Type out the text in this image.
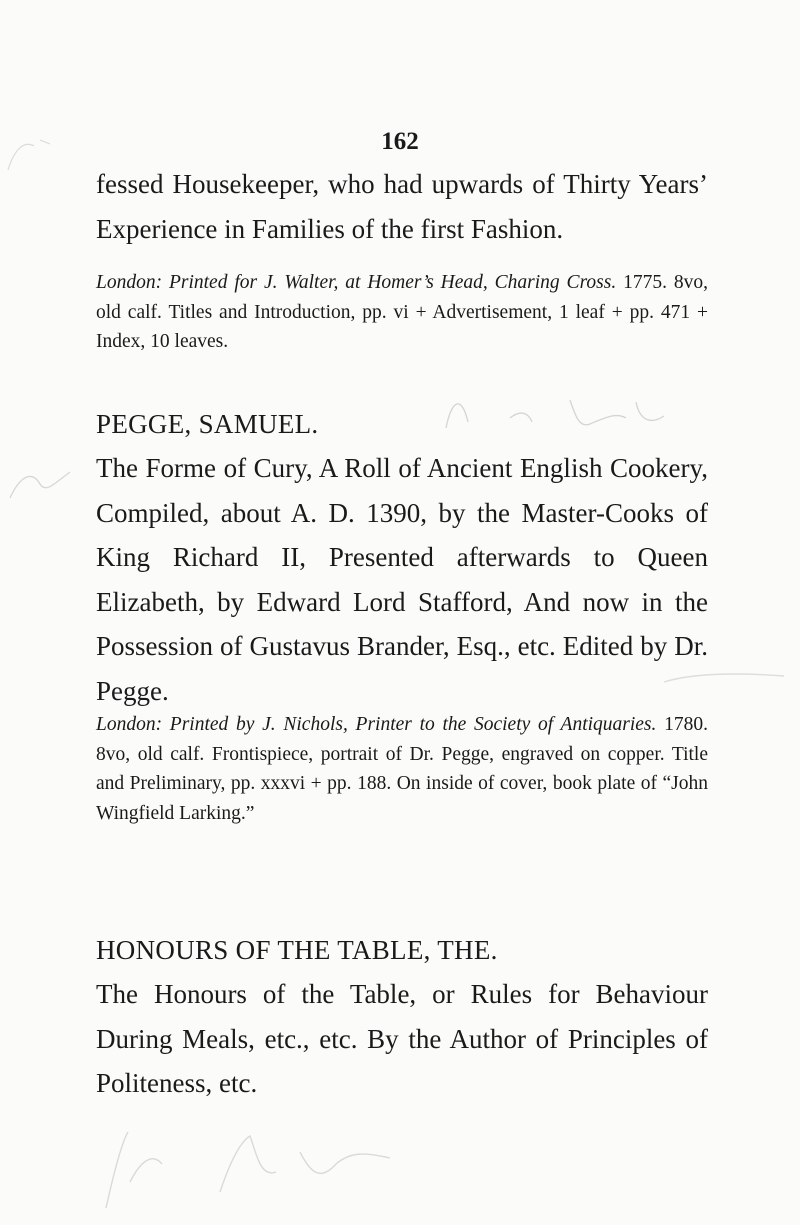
162

fessed Housekeeper, who had upwards of Thirty Years’ Experience in Families of the first Fashion.

London: Printed for J. Walter, at Homer’s Head, Charing Cross. 1775. 8vo, old calf. Titles and Introduction, pp. vi + Advertisement, 1 leaf + pp. 471 + Index, 10 leaves.

PEGGE, SAMUEL.

The Forme of Cury, A Roll of Ancient English Cookery, Compiled, about A. D. 1390, by the Master-Cooks of King Richard II, Presented afterwards to Queen Elizabeth, by Edward Lord Stafford, And now in the Possession of Gustavus Brander, Esq., etc. Edited by Dr. Pegge.

London: Printed by J. Nichols, Printer to the Society of Antiquaries. 1780. 8vo, old calf. Frontispiece, portrait of Dr. Pegge, engraved on copper. Title and Preliminary, pp. xxxvi + pp. 188. On inside of cover, book plate of “John Wingfield Larking.”

HONOURS OF THE TABLE, THE.

The Honours of the Table, or Rules for Behaviour During Meals, etc., etc. By the Author of Principles of Politeness, etc.
